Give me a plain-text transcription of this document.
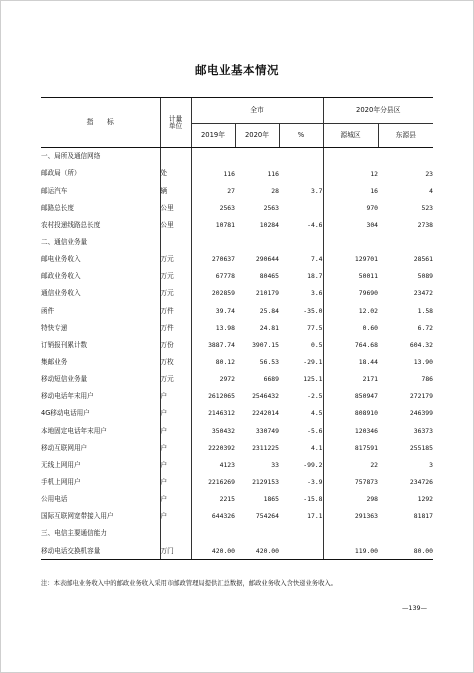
邮电业基本情况
指　　标	计量
单位	全市			2020年分县区	
		2019年	2020年	%	源城区	东源县
一、局所及通信网络						
邮政局（所）	处	116	116		12	23
邮运汽车	辆	27	28	3.7	16	4
邮路总长度	公里	2563	2563		970	523
农村投递线路总长度	公里	10781	10284	-4.6	304	2738
二、通信业务量						
邮电业务收入	万元	270637	290644	7.4	129701	28561
邮政业务收入	万元	67778	80465	18.7	50011	5089
通信业务收入	万元	202859	210179	3.6	79690	23472
函件	万件	39.74	25.84	-35.0	12.02	1.58
特快专递	万件	13.98	24.81	77.5	0.60	6.72
订销报刊累计数	万份	3887.74	3907.15	0.5	764.68	604.32
集邮业务	万枚	80.12	56.53	-29.1	18.44	13.90
移动短信业务量	万元	2972	6689	125.1	2171	786
移动电话年末用户	户	2612065	2546432	-2.5	850947	272179
4G移动电话用户	户	2146312	2242014	4.5	808910	246399
本地固定电话年末用户	户	350432	330749	-5.6	120346	36373
移动互联网用户	户	2220392	2311225	4.1	817591	255185
无线上网用户	户	4123	33	-99.2	22	3
手机上网用户	户	2216269	2129153	-3.9	757873	234726
公用电话	户	2215	1865	-15.8	298	1292
国际互联网宽带接入用户	户	644326	754264	17.1	291363	81817
三、电信主要通信能力						
移动电话交换机容量	万门	420.00	420.00		119.00	80.00
注：本表邮电业务收入中的邮政业务收入采用市邮政管理局提供汇总数据，邮政业务收入含快递业务收入。
—139—
